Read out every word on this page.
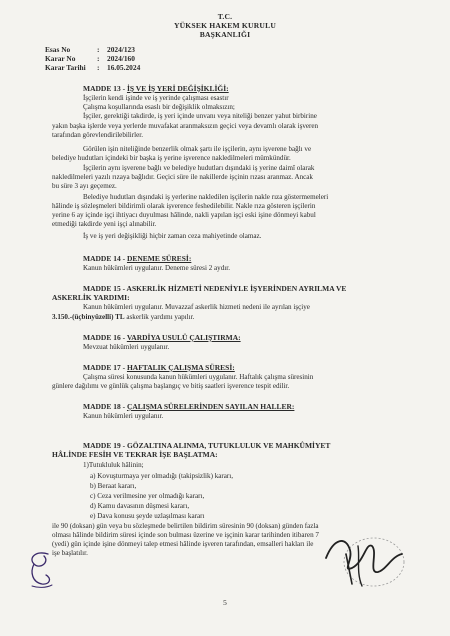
T.C.
YÜKSEK HAKEM KURULU
BAŞKANLIĞI
Esas No	: 2024/123
Karar No	: 2024/160
Karar Tarihi : 16.05.2024
MADDE 13 - İŞ VE İŞ YERİ DEĞİŞİKLİĞİ:
İşçilerin kendi işinde ve iş yerinde çalışması esastır
Çalışma koşullarında esaslı bir değişiklik olmaksızın;
İşçiler, gerektiği takdirde, iş yeri içinde unvanı veya niteliği benzer yahut birbirine
yakın başka işlerde veya yerlerde muvafakat aranmaksızın geçici veya devamlı olarak işveren
tarafından görevlendirilebilirler.
Görülen işin niteliğinde benzerlik olmak şartı ile işçilerin, aynı işverene bağlı ve
belediye hudutları içindeki bir başka iş yerine işverence nakledilmeleri mümkündür.
İşçilerin aynı işverene bağlı ve belediye hudutları dışındaki iş yerine daimî olarak
nakledilmeleri yazılı rızaya bağlıdır. Geçici süre ile nakillerde işçinin rızası aranmaz. Ancak
bu süre 3 ayı geçemez.
Belediye hudutları dışındaki iş yerlerine nakledilen işçilerin nakle rıza göstermemeleri
hâlinde iş sözleşmeleri bildirimli olarak işverence feshedilebilir. Nakle rıza gösteren işçilerin
yerine 6 ay içinde işçi ihtiyacı duyulması hâlinde, nakli yapılan işçi eski işine dönmeyi kabul
etmediği takdirde yeni işçi alınabilir.
İş ve iş yeri değişikliği hiçbir zaman ceza mahiyetinde olamaz.
MADDE 14 - DENEME SÜRESİ:
Kanun hükümleri uygulanır. Deneme süresi 2 aydır.
MADDE 15 - ASKERLİK HİZMETİ NEDENİYLE İŞYERİNDEN AYRILMA VE
ASKERLİK YARDIMI:
Kanun hükümleri uygulanır. Muvazzaf askerlik hizmeti nedeni ile ayrılan işçiye
3.150.-(üçbinyüzelli) TL askerlik yardımı yapılır.
MADDE 16 - VARDİYA USULÜ ÇALIŞTIRMA:
Mevzuat hükümleri uygulanır.
MADDE 17 - HAFTALIK ÇALIŞMA SÜRESİ:
Çalışma süresi konusunda kanun hükümleri uygulanır. Haftalık çalışma süresinin
günlere dağılımı ve günlük çalışma başlangıç ve bitiş saatleri işverence tespit edilir.
MADDE 18 - ÇALIŞMA SÜRELERİNDEN SAYILAN HALLER:
Kanun hükümleri uygulanır.
MADDE 19 - GÖZALTINA ALINMA, TUTUKLULUK VE MAHKÛMİYET
HÂLİNDE FESİH VE TEKRAR İŞE BAŞLATMA:
1)Tutukluluk hâlinin;
a) Kovuşturmaya yer olmadığı (takipsizlik) kararı,
b) Beraat kararı,
c) Ceza verilmesine yer olmadığı kararı,
d) Kamu davasının düşmesi kararı,
e) Dava konusu şeyde uzlaşılması kararı
ile 90 (doksan) gün veya bu sözleşmede belirtilen bildirim süresinin 90 (doksan) günden fazla
olması hâlinde bildirim süresi içinde son bulması üzerine ve işçinin karar tarihinden itibaren 7
(yedi) gün içinde işine dönmeyi talep etmesi hâlinde işveren tarafından, emsalleri hakları ile
işe başlatılır.
5
